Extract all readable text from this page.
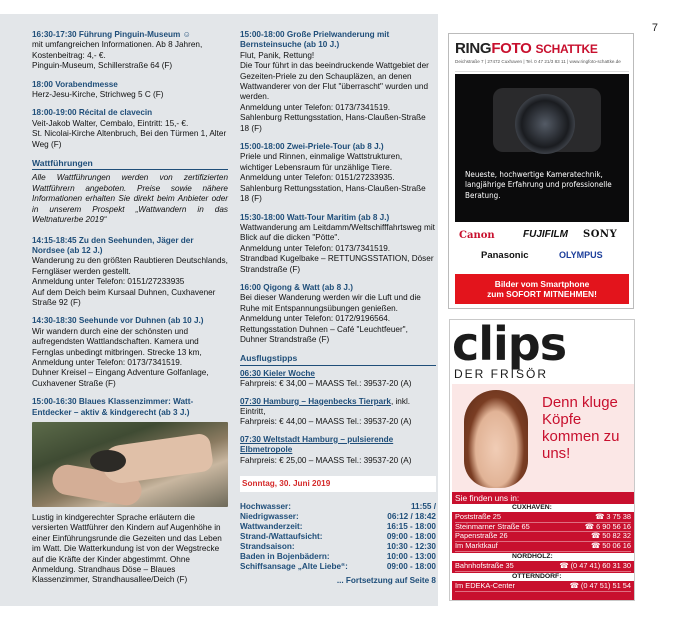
7
16:30-17:30 Führung Pinguin-Museum ☺
mit umfangreichen Informationen. Ab 8 Jahren, Kostenbeitrag: 4,- €.
Pinguin-Museum, Schillerstraße 64 (F)
18:00 Vorabendmesse
Herz-Jesu-Kirche, Strichweg 5 C (F)
18:00-19:00 Récital de clavecin
Veit-Jakob Walter, Cembalo, Eintritt: 15,- €.
St. Nicolai-Kirche Altenbruch, Bei den Türmen 1, Alter Weg (F)
Wattführungen
Alle Wattführungen werden von zertifizierten Wattführern angeboten. Preise sowie nähere Informationen erhalten Sie direkt beim Anbieter oder in unserem Prospekt „Wattwandern in das Weltnaturerbe 2019“
14:15-18:45 Zu den Seehunden, Jäger der Nordsee (ab 12 J.)
Wanderung zu den größten Raubtieren Deutschlands, Ferngläser werden gestellt.
Anmeldung unter Telefon: 0151/27233935
Auf dem Deich beim Kursaal Duhnen, Cuxhavener Straße 92 (F)
14:30-18:30 Seehunde vor Duhnen (ab 10 J.)
Wir wandern durch eine der schönsten und aufregendsten Wattlandschaften. Kamera und Fernglas unbedingt mitbringen. Strecke 13 km, Anmeldung unter Telefon: 0173/7341519.
Duhner Kreisel – Eingang Adventure Golfanlage, Cuxhavener Straße (F)
15:00-16:30 Blaues Klassenzimmer: Watt-Entdecker – aktiv & kindgerecht (ab 3 J.)
Lustig in kindgerechter Sprache erläutern die versierten Wattführer den Kindern auf Augenhöhe in einer Einführungsrunde die Gezeiten und das Leben im Watt. Die Watterkundung ist von der Wegstrecke auf die Kräfte der Kinder abgestimmt. Ohne Anmeldung. Strandhaus Döse – Blaues Klassenzimmer, Strandhausallee/Deich (F)
15:00-18:00 Große Prielwanderung mit Bernsteinsuche (ab 10 J.)
Flut, Panik, Rettung!
Die Tour führt in das beeindruckende Wattgebiet der Gezeiten-Priele zu den Schaupläzen, an denen Wattwanderer von der Flut "überrascht" wurden und werden.
Anmeldung unter Telefon: 0173/7341519.
Sahlenburg Rettungsstation, Hans-Claußen-Straße 18 (F)
15:00-18:00 Zwei-Priele-Tour (ab 8 J.)
Priele und Rinnen, einmalige Wattstrukturen, wichtiger Lebensraum für unzählige Tiere.
Anmeldung unter Telefon: 0151/27233935.
Sahlenburg Rettungsstation, Hans-Claußen-Straße 18 (F)
15:30-18:00 Watt-Tour Maritim (ab 8 J.)
Wattwanderung am Leitdamm/Weltschifffahrtsweg mit Blick auf die dicken "Pötte".
Anmeldung unter Telefon: 0173/7341519.
Strandbad Kugelbake – RETTUNGSSTATION, Döser Strandstraße (F)
16:00 Qigong & Watt (ab 8 J.)
Bei dieser Wanderung werden wir die Luft und die Ruhe mit Entspannungsübungen genießen.
Anmeldung unter Telefon: 0172/9196564.
Rettungsstation Duhnen – Café "Leuchtfeuer", Duhner Strandstraße (F)
Ausflugstipps
06:30 Kieler Woche
Fahrpreis: € 34,00 – MAASS Tel.: 39537-20 (A)
07:30 Hamburg – Hagenbecks Tierpark, inkl. Eintritt,
Fahrpreis: € 44,00 – MAASS Tel.: 39537-20 (A)
07:30 Weltstadt Hamburg – pulsierende Elbmetropole
Fahrpreis: € 25,00 – MAASS Tel.: 39537-20 (A)
Sonntag, 30. Juni 2019
Hochwasser:	11:55 /
Niedrigwasser:	06:12 / 18:42
Wattwanderzeit:	16:15 - 18:00
Strand-/Wattaufsicht:	09:00 - 18:00
Strandsaison:	10:30 - 12:30
Baden in Bojenbädern:	10:00 - 13:00
Schiffsansage „Alte Liebe“:	09:00 - 18:00
... Fortsetzung auf Seite 8
RINGFOTO SCHATTKE
Deichstraße 7 | 27472 Cuxhaven | Tel. 0 47 21/3 83 11 | www.ringfoto-schattke.de
Neueste, hochwertige Kameratechnik, langjährige Erfahrung und professionelle Beratung.
Canon	FUJIFILM SONY
Panasonic	OLYMPUS
Bilder vom Smartphone
zum SOFORT MITNEHMEN!
clips
DER FRISÖR
Denn kluge Köpfe kommen zu uns!
Sie finden uns in:
CUXHAVEN:
Poststraße 25	☎ 3 75 38
Steinmarner Straße 65	☎ 6 90 56 16
Papenstraße 26	☎ 50 82 32
Im Marktkauf	☎ 50 06 16
NORDHOLZ:
Bahnhofstraße 35	☎ (0 47 41) 60 31 30
OTTERNDORF:
Im EDEKA-Center	☎ (0 47 51) 51 54
